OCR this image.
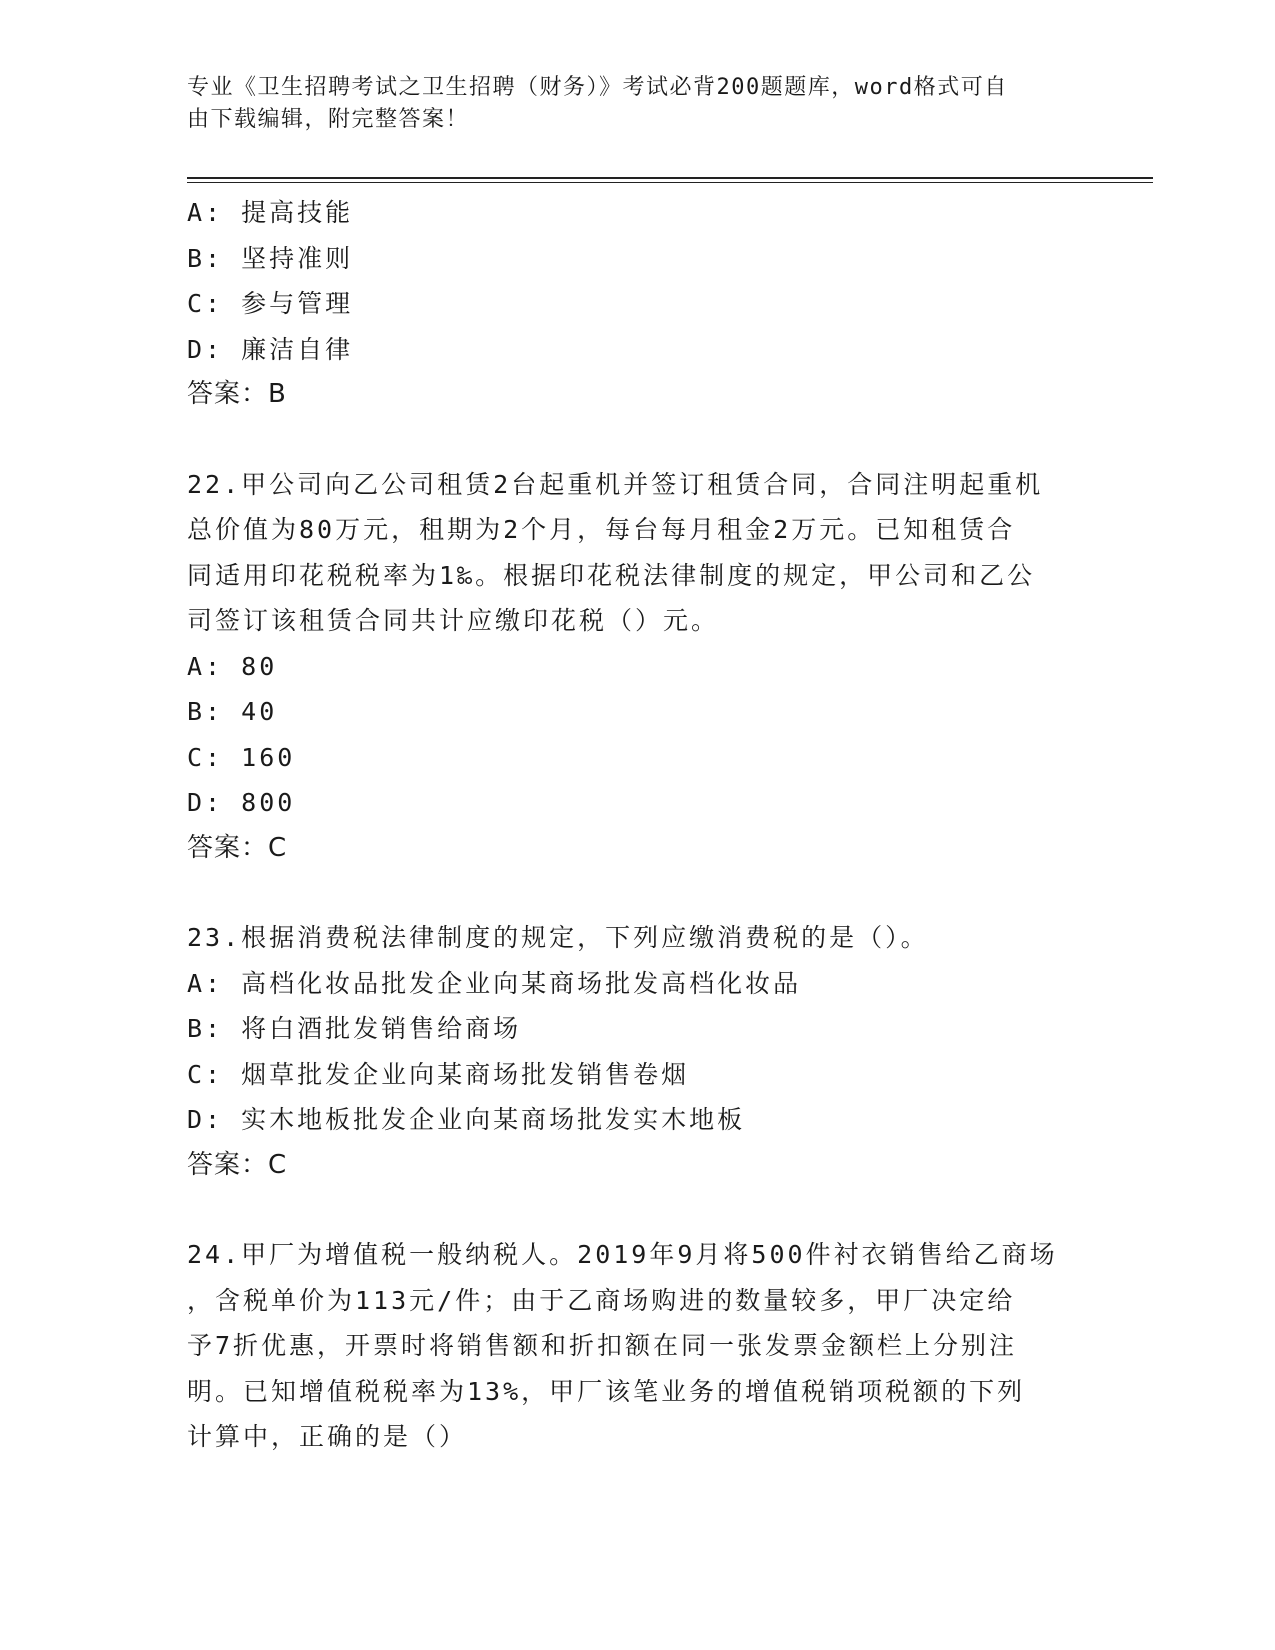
专业《卫生招聘考试之卫生招聘（财务）》考试必背200题题库，word格式可自
由下载编辑，附完整答案！
A: 提高技能
B: 坚持准则
C: 参与管理
D: 廉洁自律
答案：B
22.甲公司向乙公司租赁2台起重机并签订租赁合同，合同注明起重机
总价值为80万元，租期为2个月，每台每月租金2万元。已知租赁合
同适用印花税税率为1‰。根据印花税法律制度的规定，甲公司和乙公
司签订该租赁合同共计应缴印花税（）元。
A: 80
B: 40
C: 160
D: 800
答案：C
23.根据消费税法律制度的规定，下列应缴消费税的是（）。
A: 高档化妆品批发企业向某商场批发高档化妆品
B: 将白酒批发销售给商场
C: 烟草批发企业向某商场批发销售卷烟
D: 实木地板批发企业向某商场批发实木地板
答案：C
24.甲厂为增值税一般纳税人。2019年9月将500件衬衣销售给乙商场
，含税单价为113元/件；由于乙商场购进的数量较多，甲厂决定给
予7折优惠，开票时将销售额和折扣额在同一张发票金额栏上分别注
明。已知增值税税率为13%，甲厂该笔业务的增值税销项税额的下列
计算中，正确的是（）
